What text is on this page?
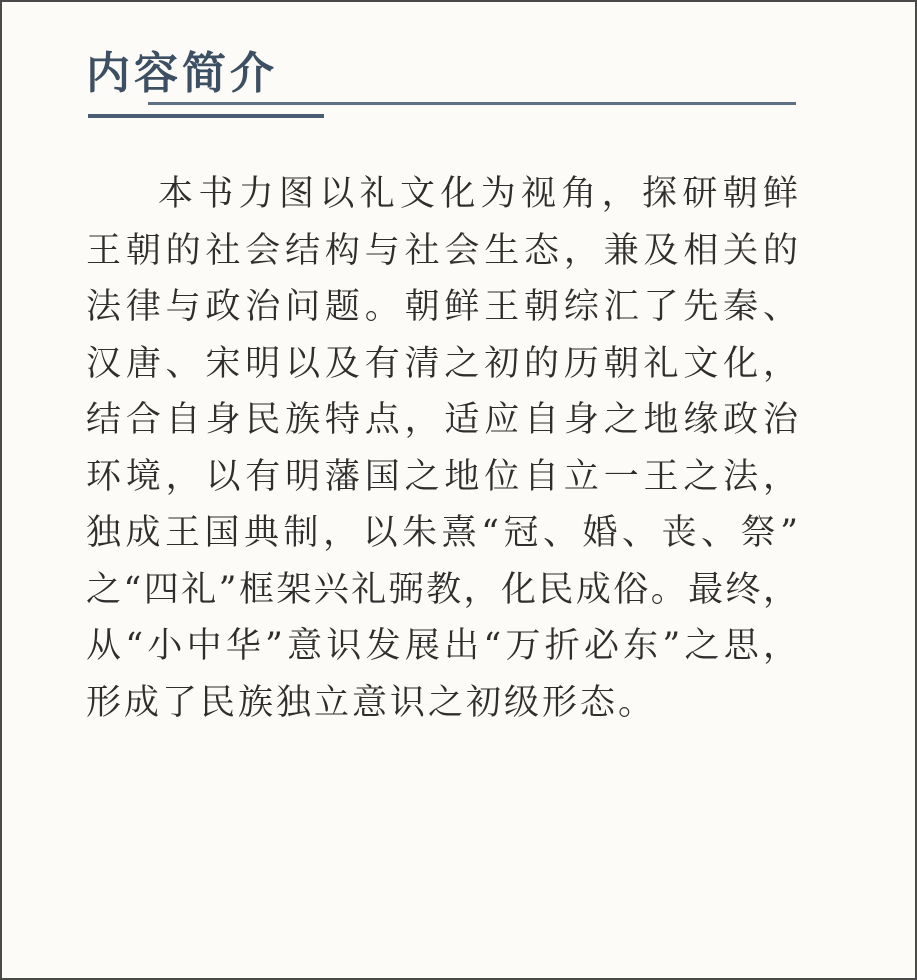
内容简介
本书力图以礼文化为视角，探研朝鲜
王朝的社会结构与社会生态，兼及相关的
法律与政治问题。朝鲜王朝综汇了先秦、
汉唐、宋明以及有清之初的历朝礼文化，
结合自身民族特点，适应自身之地缘政治
环境，以有明藩国之地位自立一王之法，
独成王国典制，以朱熹“冠、婚、丧、祭”
之“四礼”框架兴礼弼教，化民成俗。最终，
从“小中华”意识发展出“万折必东”之思，
形成了民族独立意识之初级形态。
